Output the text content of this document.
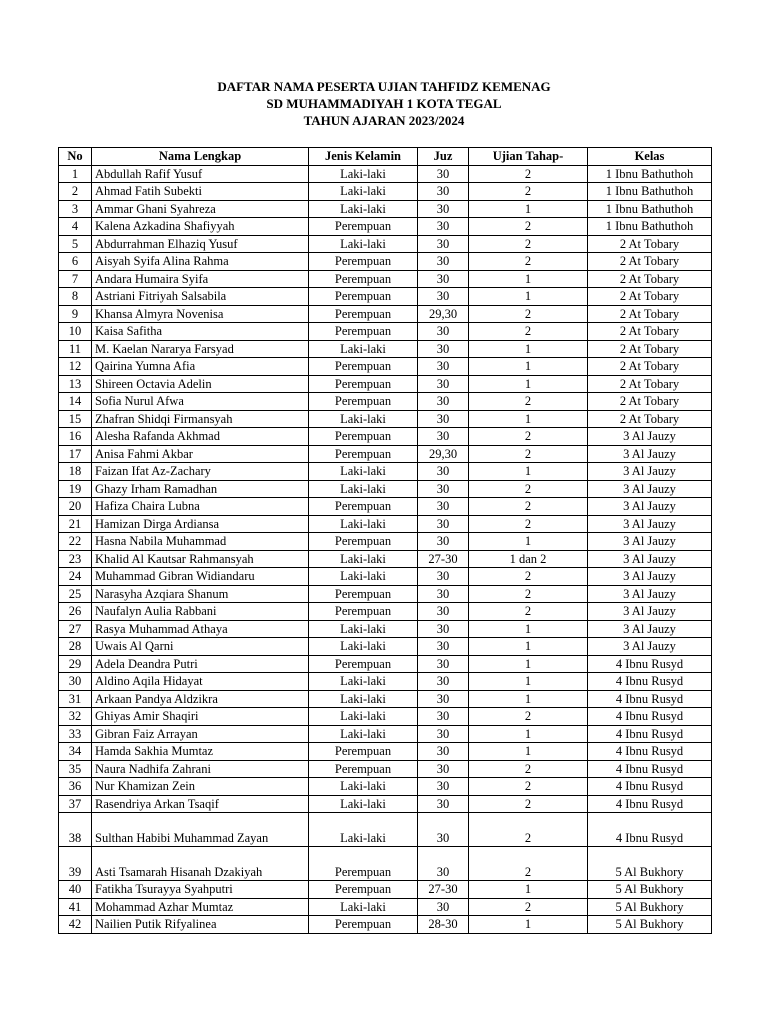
DAFTAR NAMA PESERTA UJIAN TAHFIDZ KEMENAG
SD MUHAMMADIYAH 1 KOTA TEGAL
TAHUN AJARAN 2023/2024
No	Nama Lengkap	Jenis Kelamin	Juz	Ujian Tahap-	Kelas
1	Abdullah Rafif Yusuf	Laki-laki	30	2	1 Ibnu Bathuthoh
2	Ahmad Fatih Subekti	Laki-laki	30	2	1 Ibnu Bathuthoh
3	Ammar Ghani Syahreza	Laki-laki	30	1	1 Ibnu Bathuthoh
4	Kalena Azkadina Shafiyyah	Perempuan	30	2	1 Ibnu Bathuthoh
5	Abdurrahman Elhaziq Yusuf	Laki-laki	30	2	2 At Tobary
6	Aisyah Syifa Alina Rahma	Perempuan	30	2	2 At Tobary
7	Andara Humaira Syifa	Perempuan	30	1	2 At Tobary
8	Astriani Fitriyah Salsabila	Perempuan	30	1	2 At Tobary
9	Khansa Almyra Novenisa	Perempuan	29,30	2	2 At Tobary
10	Kaisa Safitha	Perempuan	30	2	2 At Tobary
11	M. Kaelan Nararya Farsyad	Laki-laki	30	1	2 At Tobary
12	Qairina Yumna Afia	Perempuan	30	1	2 At Tobary
13	Shireen Octavia Adelin	Perempuan	30	1	2 At Tobary
14	Sofia Nurul Afwa	Perempuan	30	2	2 At Tobary
15	Zhafran Shidqi Firmansyah	Laki-laki	30	1	2 At Tobary
16	Alesha Rafanda Akhmad	Perempuan	30	2	3 Al Jauzy
17	Anisa Fahmi Akbar	Perempuan	29,30	2	3 Al Jauzy
18	Faizan Ifat Az-Zachary	Laki-laki	30	1	3 Al Jauzy
19	Ghazy Irham Ramadhan	Laki-laki	30	2	3 Al Jauzy
20	Hafiza Chaira Lubna	Perempuan	30	2	3 Al Jauzy
21	Hamizan Dirga Ardiansa	Laki-laki	30	2	3 Al Jauzy
22	Hasna Nabila Muhammad	Perempuan	30	1	3 Al Jauzy
23	Khalid Al Kautsar Rahmansyah	Laki-laki	27-30	1 dan 2	3 Al Jauzy
24	Muhammad Gibran Widiandaru	Laki-laki	30	2	3 Al Jauzy
25	Narasyha Azqiara Shanum	Perempuan	30	2	3 Al Jauzy
26	Naufalyn Aulia Rabbani	Perempuan	30	2	3 Al Jauzy
27	Rasya Muhammad Athaya	Laki-laki	30	1	3 Al Jauzy
28	Uwais Al Qarni	Laki-laki	30	1	3 Al Jauzy
29	Adela Deandra Putri	Perempuan	30	1	4 Ibnu Rusyd
30	Aldino Aqila Hidayat	Laki-laki	30	1	4 Ibnu Rusyd
31	Arkaan Pandya Aldzikra	Laki-laki	30	1	4 Ibnu Rusyd
32	Ghiyas Amir Shaqiri	Laki-laki	30	2	4 Ibnu Rusyd
33	Gibran Faiz Arrayan	Laki-laki	30	1	4 Ibnu Rusyd
34	Hamda Sakhia Mumtaz	Perempuan	30	1	4 Ibnu Rusyd
35	Naura Nadhifa Zahrani	Perempuan	30	2	4 Ibnu Rusyd
36	Nur Khamizan Zein	Laki-laki	30	2	4 Ibnu Rusyd
37	Rasendriya Arkan Tsaqif	Laki-laki	30	2	4 Ibnu Rusyd
38	Sulthan Habibi Muhammad Zayan	Laki-laki	30	2	4 Ibnu Rusyd
39	Asti Tsamarah Hisanah Dzakiyah	Perempuan	30	2	5 Al Bukhory
40	Fatikha Tsurayya Syahputri	Perempuan	27-30	1	5 Al Bukhory
41	Mohammad Azhar Mumtaz	Laki-laki	30	2	5 Al Bukhory
42	Nailien Putik Rifyalinea	Perempuan	28-30	1	5 Al Bukhory
